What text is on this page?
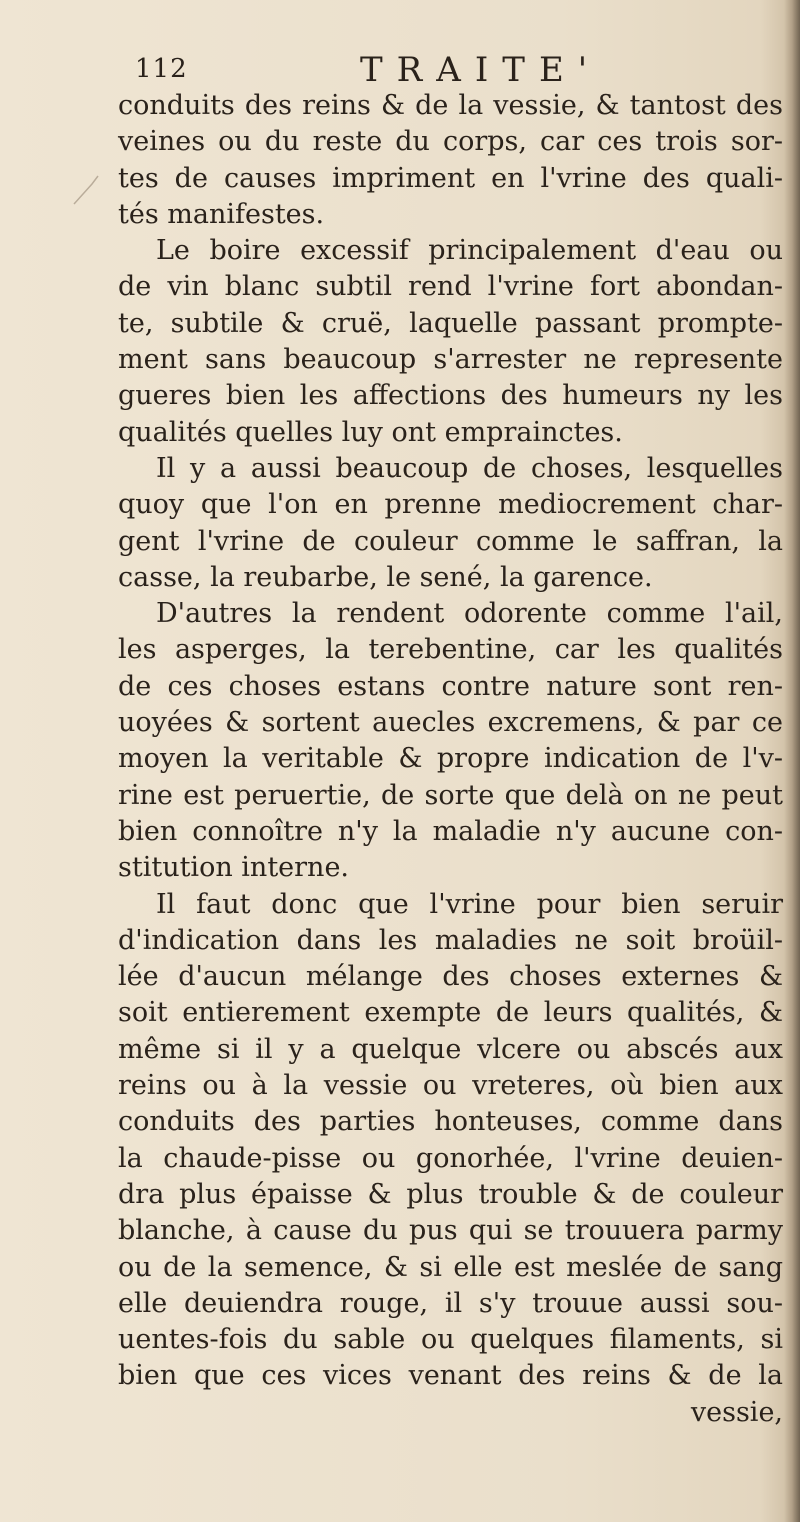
112	TRAITE'
conduits des reins & de la vessie, & tantost des
veines ou du reste du corps, car ces trois sor-
tes de causes impriment en l'vrine des quali-
tés manifestes.
Le boire excessif principalement d'eau ou
de vin blanc subtil rend l'vrine fort abondan-
te, subtile & cruë, laquelle passant prompte-
ment sans beaucoup s'arrester ne represente
gueres bien les affections des humeurs ny les
qualités quelles luy ont emprainctes.
Il y a aussi beaucoup de choses, lesquelles
quoy que l'on en prenne mediocrement char-
gent l'vrine de couleur comme le saffran, la
casse, la reubarbe, le sené, la garence.
D'autres la rendent odorente comme l'ail,
les asperges, la terebentine, car les qualités
de ces choses estans contre nature sont ren-
uoyées & sortent auecles excremens, & par ce
moyen la veritable & propre indication de l'v-
rine est peruertie, de sorte que delà on ne peut
bien connoître n'y la maladie n'y aucune con-
stitution interne.
Il faut donc que l'vrine pour bien seruir
d'indication dans les maladies ne soit broüil-
lée d'aucun mélange des choses externes &
soit entierement exempte de leurs qualités, &
même si il y a quelque vlcere ou abscés aux
reins ou à la vessie ou vreteres, où bien aux
conduits des parties honteuses, comme dans
la chaude-pisse ou gonorhée, l'vrine deuien-
dra plus épaisse & plus trouble & de couleur
blanche, à cause du pus qui se trouuera parmy
ou de la semence, & si elle est meslée de sang
elle deuiendra rouge, il s'y trouue aussi sou-
uentes-fois du sable ou quelques filaments, si
bien que ces vices venant des reins & de la
vessie,
